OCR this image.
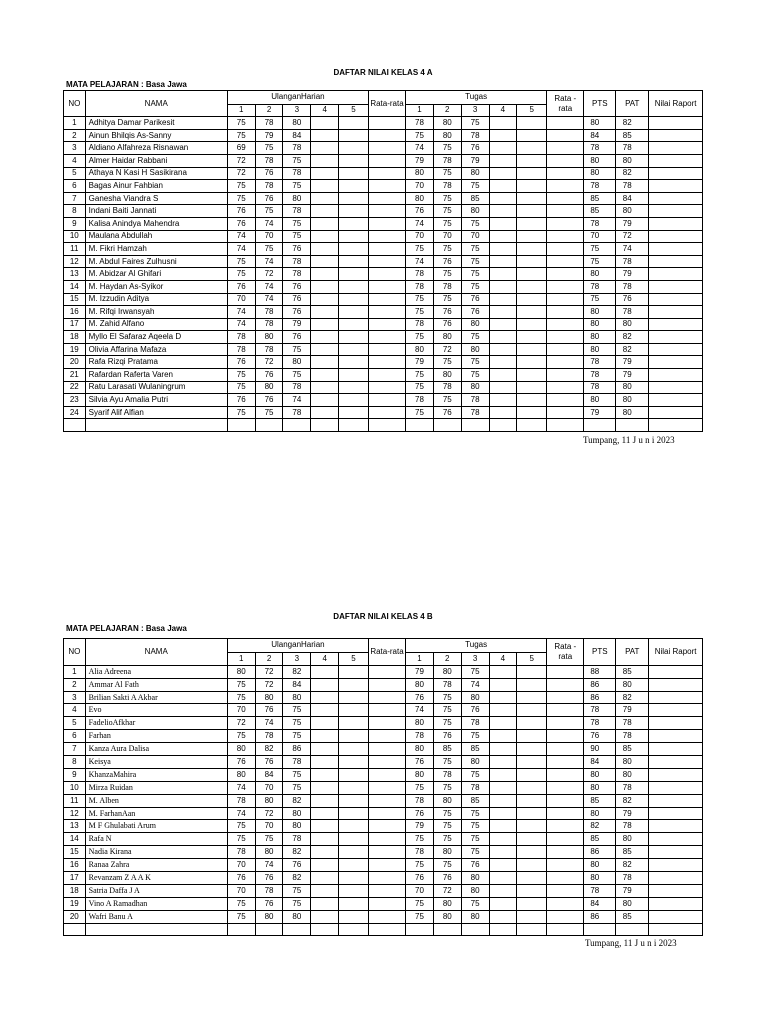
DAFTAR NILAI KELAS 4 A
MATA PELAJARAN : Basa Jawa
NO	NAMA	UlanganHarian					Rata-rata	Tugas					Rata - rata	PTS	PAT	Nilai Raport
		1	2	3	4	5		1	2	3	4	5				
1	Adhitya Damar Parikesit	75	78	80				78	80	75				80	82	
2	Ainun Bhilqis As-Sanny	75	79	84				75	80	78				84	85	
3	Aldiano Alfahreza Risnawan	69	75	78				74	75	76				78	78	
4	Almer Haidar Rabbani	72	78	75				79	78	79				80	80	
5	Athaya N Kasi H Sasikirana	72	76	78				80	75	80				80	82	
6	Bagas Ainur Fahbian	75	78	75				70	78	75				78	78	
7	Ganesha Viandra S	75	76	80				80	75	85				85	84	
8	Indani Baiti Jannati	76	75	78				76	75	80				85	80	
9	Kalisa Anindya Mahendra	76	74	75				74	75	75				78	79	
10	Maulana Abdullah	74	70	75				70	70	70				70	72	
11	M. Fikri Hamzah	74	75	76				75	75	75				75	74	
12	M. Abdul Faires Zulhusni	75	74	78				74	76	75				75	78	
13	M. Abidzar Al Ghifari	75	72	78				78	75	75				80	79	
14	M. Haydan As-Syikor	76	74	76				78	78	75				78	78	
15	M. Izzudin Aditya	70	74	76				75	75	76				75	76	
16	M. Rifqi Irwansyah	74	78	76				75	76	76				80	78	
17	M. Zahid Alfano	74	78	79				78	76	80				80	80	
18	Myllo El Safaraz Aqeela D	78	80	76				75	80	75				80	82	
19	Olivia Affarina Mafaza	78	78	75				80	72	80				80	82	
20	Rafa Rizqi Pratama	76	72	80				79	75	75				78	79	
21	Rafardan Raferta Varen	75	76	75				75	80	75				78	79	
22	Ratu Larasati Wulaningrum	75	80	78				75	78	80				78	80	
23	Silvia Ayu Amalia Putri	76	76	74				78	75	78				80	80	
24	Syarif Alif Alfian	75	75	78				75	76	78				79	80	

Tumpang, 11 J u n i 2023
DAFTAR NILAI KELAS 4 B
MATA PELAJARAN : Basa Jawa
NO	NAMA	UlanganHarian					Rata-rata	Tugas					Rata - rata	PTS	PAT	Nilai Raport
		1	2	3	4	5		1	2	3	4	5				
1	Alia Adreena	80	72	82				79	80	75				88	85	
2	Ammar Al Fath	75	72	84				80	78	74				86	80	
3	Brilian Sakti A Akbar	75	80	80				76	75	80				86	82	
4	Evo	70	76	75				74	75	76				78	79	
5	FadelioAfkhar	72	74	75				80	75	78				78	78	
6	Farhan	75	78	75				78	76	75				76	78	
7	Kanza Aura Dalisa	80	82	86				80	85	85				90	85	
8	Keisya	76	76	78				76	75	80				84	80	
9	KhanzaMahira	80	84	75				80	78	75				80	80	
10	Mirza Ruidan	74	70	75				75	75	78				80	78	
11	M. Alben	78	80	82				78	80	85				85	82	
12	M. FarhanAan	74	72	80				76	75	75				80	79	
13	M F Ghulabati Arum	75	70	80				79	75	75				82	78	
14	Rafa N	75	75	78				75	75	75				85	80	
15	Nadia Kirana	78	80	82				78	80	75				86	85	
16	Ranaa Zahra	70	74	76				75	75	76				80	82	
17	Revanzam Z A A K	76	76	82				76	76	80				80	78	
18	Satria Daffa J A	70	78	75				70	72	80				78	79	
19	Vino A Ramadhan	75	76	75				75	80	75				84	80	
20	Wafri Banu A	75	80	80				75	80	80				86	85	

Tumpang, 11 J u n i 2023
